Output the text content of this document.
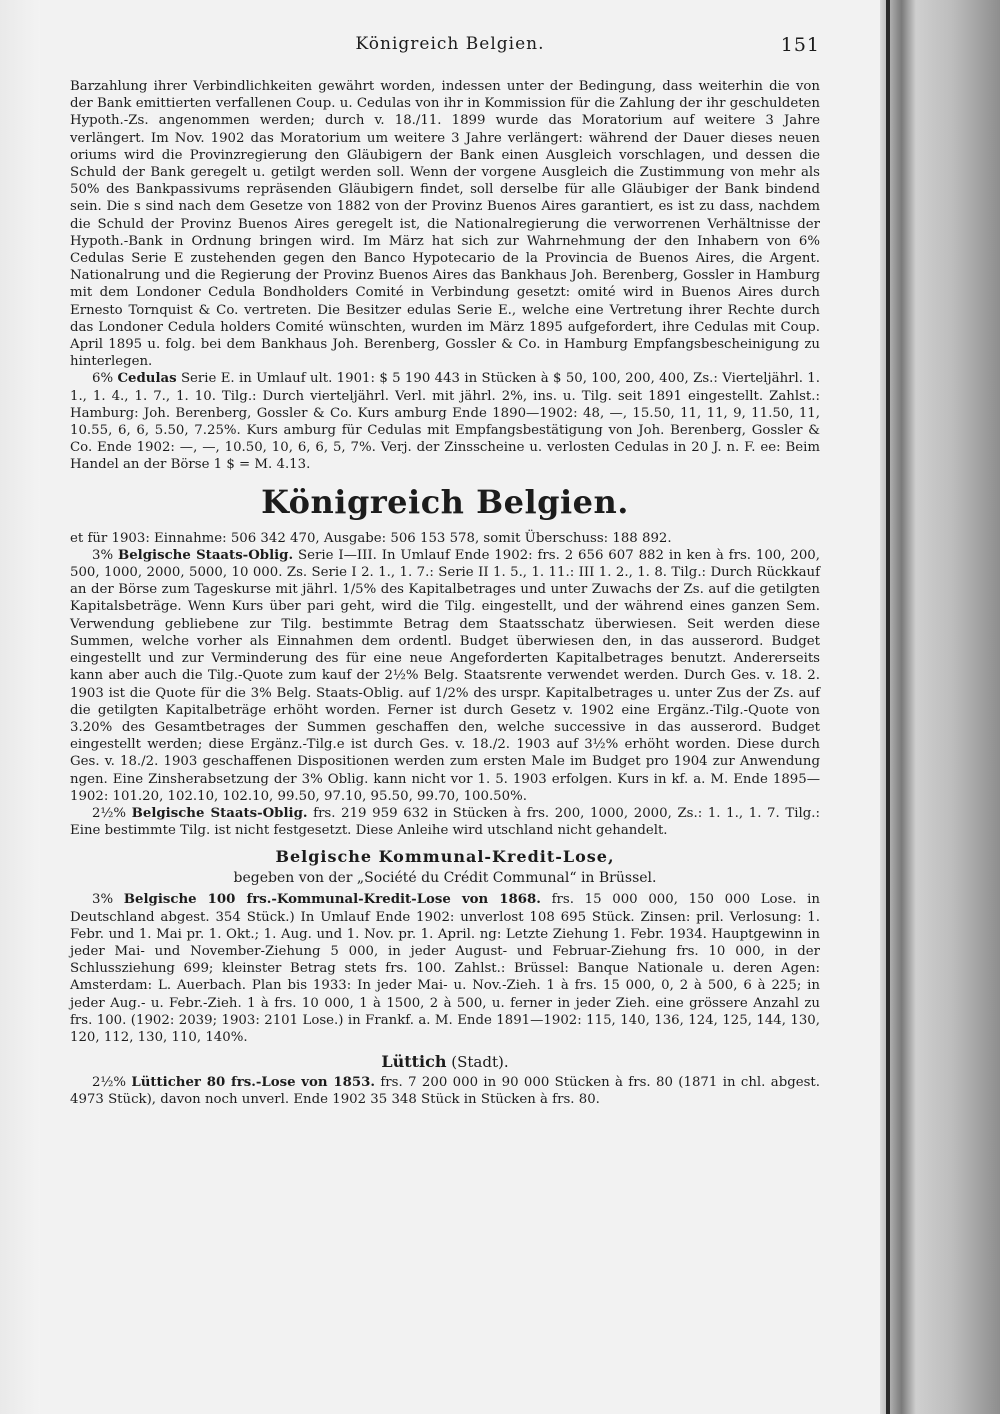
Königreich Belgien.	151

Barzahlung ihrer Verbindlichkeiten gewährt worden, indessen unter der Bedingung, dass weiterhin die von der Bank emittierten verfallenen Coup. u. Cedulas von ihr in Kommission für die Zahlung der ihr geschuldeten Hypoth.-Zs. angenommen werden; durch v. 18./11. 1899 wurde das Moratorium auf weitere 3 Jahre verlängert. Im Nov. 1902 das Moratorium um weitere 3 Jahre verlängert: während der Dauer dieses neuen oriums wird die Provinzregierung den Gläubigern der Bank einen Ausgleich vorschlagen, und dessen die Schuld der Bank geregelt u. getilgt werden soll. Wenn der vorgene Ausgleich die Zustimmung von mehr als 50% des Bankpassivums repräsenden Gläubigern findet, soll derselbe für alle Gläubiger der Bank bindend sein. Die s sind nach dem Gesetze von 1882 von der Provinz Buenos Aires garantiert, es ist zu dass, nachdem die Schuld der Provinz Buenos Aires geregelt ist, die Nationalregierung die verworrenen Verhältnisse der Hypoth.-Bank in Ordnung bringen wird. Im März hat sich zur Wahrnehmung der den Inhabern von 6% Cedulas Serie E zustehenden gegen den Banco Hypotecario de la Provincia de Buenos Aires, die Argent. Nationalrung und die Regierung der Provinz Buenos Aires das Bankhaus Joh. Berenberg, Gossler in Hamburg mit dem Londoner Cedula Bondholders Comité in Verbindung gesetzt: omité wird in Buenos Aires durch Ernesto Tornquist & Co. vertreten. Die Besitzer edulas Serie E., welche eine Vertretung ihrer Rechte durch das Londoner Cedula holders Comité wünschten, wurden im März 1895 aufgefordert, ihre Cedulas mit Coup. April 1895 u. folg. bei dem Bankhaus Joh. Berenberg, Gossler & Co. in Hamburg Empfangsbescheinigung zu hinterlegen.

6% Cedulas Serie E. in Umlauf ult. 1901: $ 5 190 443 in Stücken à $ 50, 100, 200, 400, Zs.: Vierteljährl. 1. 1., 1. 4., 1. 7., 1. 10. Tilg.: Durch vierteljährl. Verl. mit jährl. 2%, ins. u. Tilg. seit 1891 eingestellt. Zahlst.: Hamburg: Joh. Berenberg, Gossler & Co. Kurs amburg Ende 1890—1902: 48, —, 15.50, 11, 11, 9, 11.50, 11, 10.55, 6, 6, 5.50, 7.25%. Kurs amburg für Cedulas mit Empfangsbestätigung von Joh. Berenberg, Gossler & Co. Ende 1902: —, —, 10.50, 10, 6, 6, 5, 7%. Verj. der Zinsscheine u. verlosten Cedulas in 20 J. n. F. ee: Beim Handel an der Börse 1 $ = M. 4.13.

Königreich Belgien.

et für 1903: Einnahme: 506 342 470, Ausgabe: 506 153 578, somit Überschuss: 188 892.

3% Belgische Staats-Oblig. Serie I—III. In Umlauf Ende 1902: frs. 2 656 607 882 in ken à frs. 100, 200, 500, 1000, 2000, 5000, 10 000. Zs. Serie I 2. 1., 1. 7.: Serie II 1. 5., 1. 11.: III 1. 2., 1. 8. Tilg.: Durch Rückkauf an der Börse zum Tageskurse mit jährl. 1/5% des Kapitalbetrages und unter Zuwachs der Zs. auf die getilgten Kapitalsbeträge. Wenn Kurs über pari geht, wird die Tilg. eingestellt, und der während eines ganzen Sem. Verwendung gebliebene zur Tilg. bestimmte Betrag dem Staatsschatz überwiesen. Seit werden diese Summen, welche vorher als Einnahmen dem ordentl. Budget überwiesen den, in das ausserord. Budget eingestellt und zur Verminderung des für eine neue Angeforderten Kapitalbetrages benutzt. Andererseits kann aber auch die Tilg.-Quote zum kauf der 2½% Belg. Staatsrente verwendet werden. Durch Ges. v. 18. 2. 1903 ist die Quote für die 3% Belg. Staats-Oblig. auf 1/2% des urspr. Kapitalbetrages u. unter Zus der Zs. auf die getilgten Kapitalbeträge erhöht worden. Ferner ist durch Gesetz v. 1902 eine Ergänz.-Tilg.-Quote von 3.20% des Gesamtbetrages der Summen geschaffen den, welche successive in das ausserord. Budget eingestellt werden; diese Ergänz.-Tilg.e ist durch Ges. v. 18./2. 1903 auf 3½% erhöht worden. Diese durch Ges. v. 18./2. 1903 geschaffenen Dispositionen werden zum ersten Male im Budget pro 1904 zur Anwendung ngen. Eine Zinsherabsetzung der 3% Oblig. kann nicht vor 1. 5. 1903 erfolgen. Kurs in kf. a. M. Ende 1895—1902: 101.20, 102.10, 102.10, 99.50, 97.10, 95.50, 99.70, 100.50%.

2½% Belgische Staats-Oblig. frs. 219 959 632 in Stücken à frs. 200, 1000, 2000, Zs.: 1. 1., 1. 7. Tilg.: Eine bestimmte Tilg. ist nicht festgesetzt. Diese Anleihe wird utschland nicht gehandelt.

Belgische Kommunal-Kredit-Lose,
begeben von der „Société du Crédit Communal“ in Brüssel.

3% Belgische 100 frs.-Kommunal-Kredit-Lose von 1868. frs. 15 000 000, 150 000 Lose. in Deutschland abgest. 354 Stück.) In Umlauf Ende 1902: unverlost 108 695 Stück. Zinsen: pril. Verlosung: 1. Febr. und 1. Mai pr. 1. Okt.; 1. Aug. und 1. Nov. pr. 1. April. ng: Letzte Ziehung 1. Febr. 1934. Hauptgewinn in jeder Mai- und November-Ziehung 5 000, in jeder August- und Februar-Ziehung frs. 10 000, in der Schlussziehung 699; kleinster Betrag stets frs. 100. Zahlst.: Brüssel: Banque Nationale u. deren Agen: Amsterdam: L. Auerbach. Plan bis 1933: In jeder Mai- u. Nov.-Zieh. 1 à frs. 15 000, 0, 2 à 500, 6 à 225; in jeder Aug.- u. Febr.-Zieh. 1 à frs. 10 000, 1 à 1500, 2 à 500, u. ferner in jeder Zieh. eine grössere Anzahl zu frs. 100. (1902: 2039; 1903: 2101 Lose.) in Frankf. a. M. Ende 1891—1902: 115, 140, 136, 124, 125, 144, 130, 120, 112, 130, 110, 140%.

Lüttich (Stadt).

2½% Lütticher 80 frs.-Lose von 1853. frs. 7 200 000 in 90 000 Stücken à frs. 80 (1871 in chl. abgest. 4973 Stück), davon noch unverl. Ende 1902 35 348 Stück in Stücken à frs. 80.
